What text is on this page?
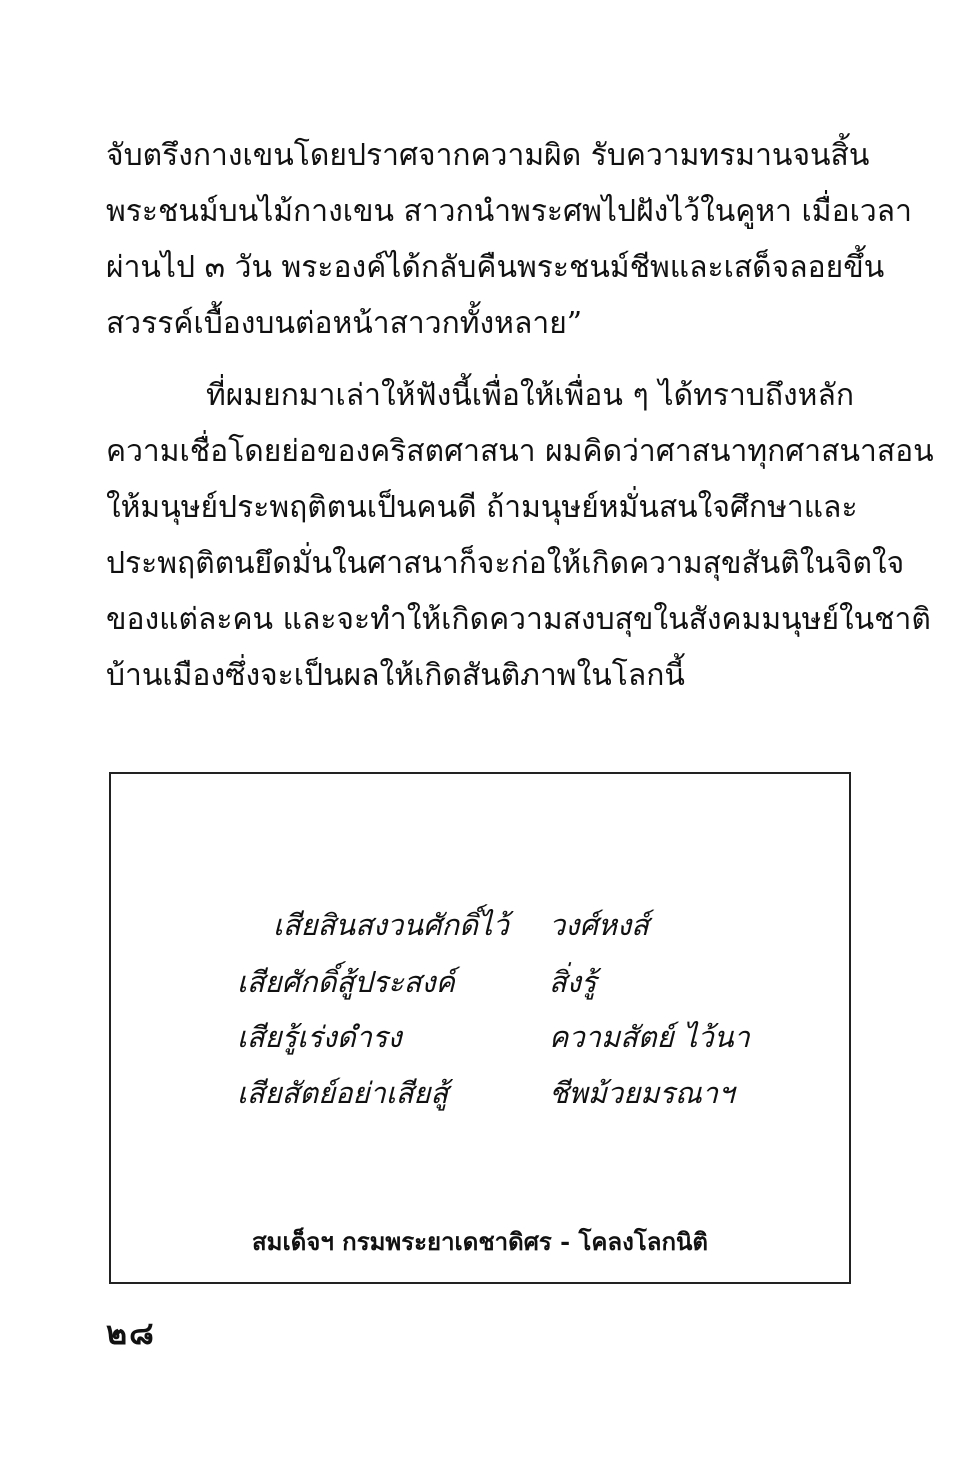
จับตรึงกางเขนโดยปราศจากความผิด รับความทรมานจนสิ้น
พระชนม์บนไม้กางเขน สาวกนำพระศพไปฝังไว้ในคูหา เมื่อเวลา
ผ่านไป ๓ วัน พระองค์ได้กลับคืนพระชนม์ชีพและเสด็จลอยขึ้น
สวรรค์เบื้องบนต่อหน้าสาวกทั้งหลาย”
ที่ผมยกมาเล่าให้ฟังนี้เพื่อให้เพื่อน ๆ ได้ทราบถึงหลัก
ความเชื่อโดยย่อของคริสตศาสนา ผมคิดว่าศาสนาทุกศาสนาสอน
ให้มนุษย์ประพฤติตนเป็นคนดี ถ้ามนุษย์หมั่นสนใจศึกษาและ
ประพฤติตนยึดมั่นในศาสนาก็จะก่อให้เกิดความสุขสันติในจิตใจ
ของแต่ละคน และจะทำให้เกิดความสงบสุขในสังคมมนุษย์ในชาติ
บ้านเมืองซึ่งจะเป็นผลให้เกิดสันติภาพในโลกนี้
เสียสินสงวนศักดิ์ไว้ วงศ์หงส์
เสียศักดิ์สู้ประสงค์	สิ่งรู้
เสียรู้เร่งดำรง	ความสัตย์ ไว้นา
เสียสัตย์อย่าเสียสู้	ชีพม้วยมรณาฯ
สมเด็จฯ กรมพระยาเดชาดิศร - โคลงโลกนิติ
๒๘
